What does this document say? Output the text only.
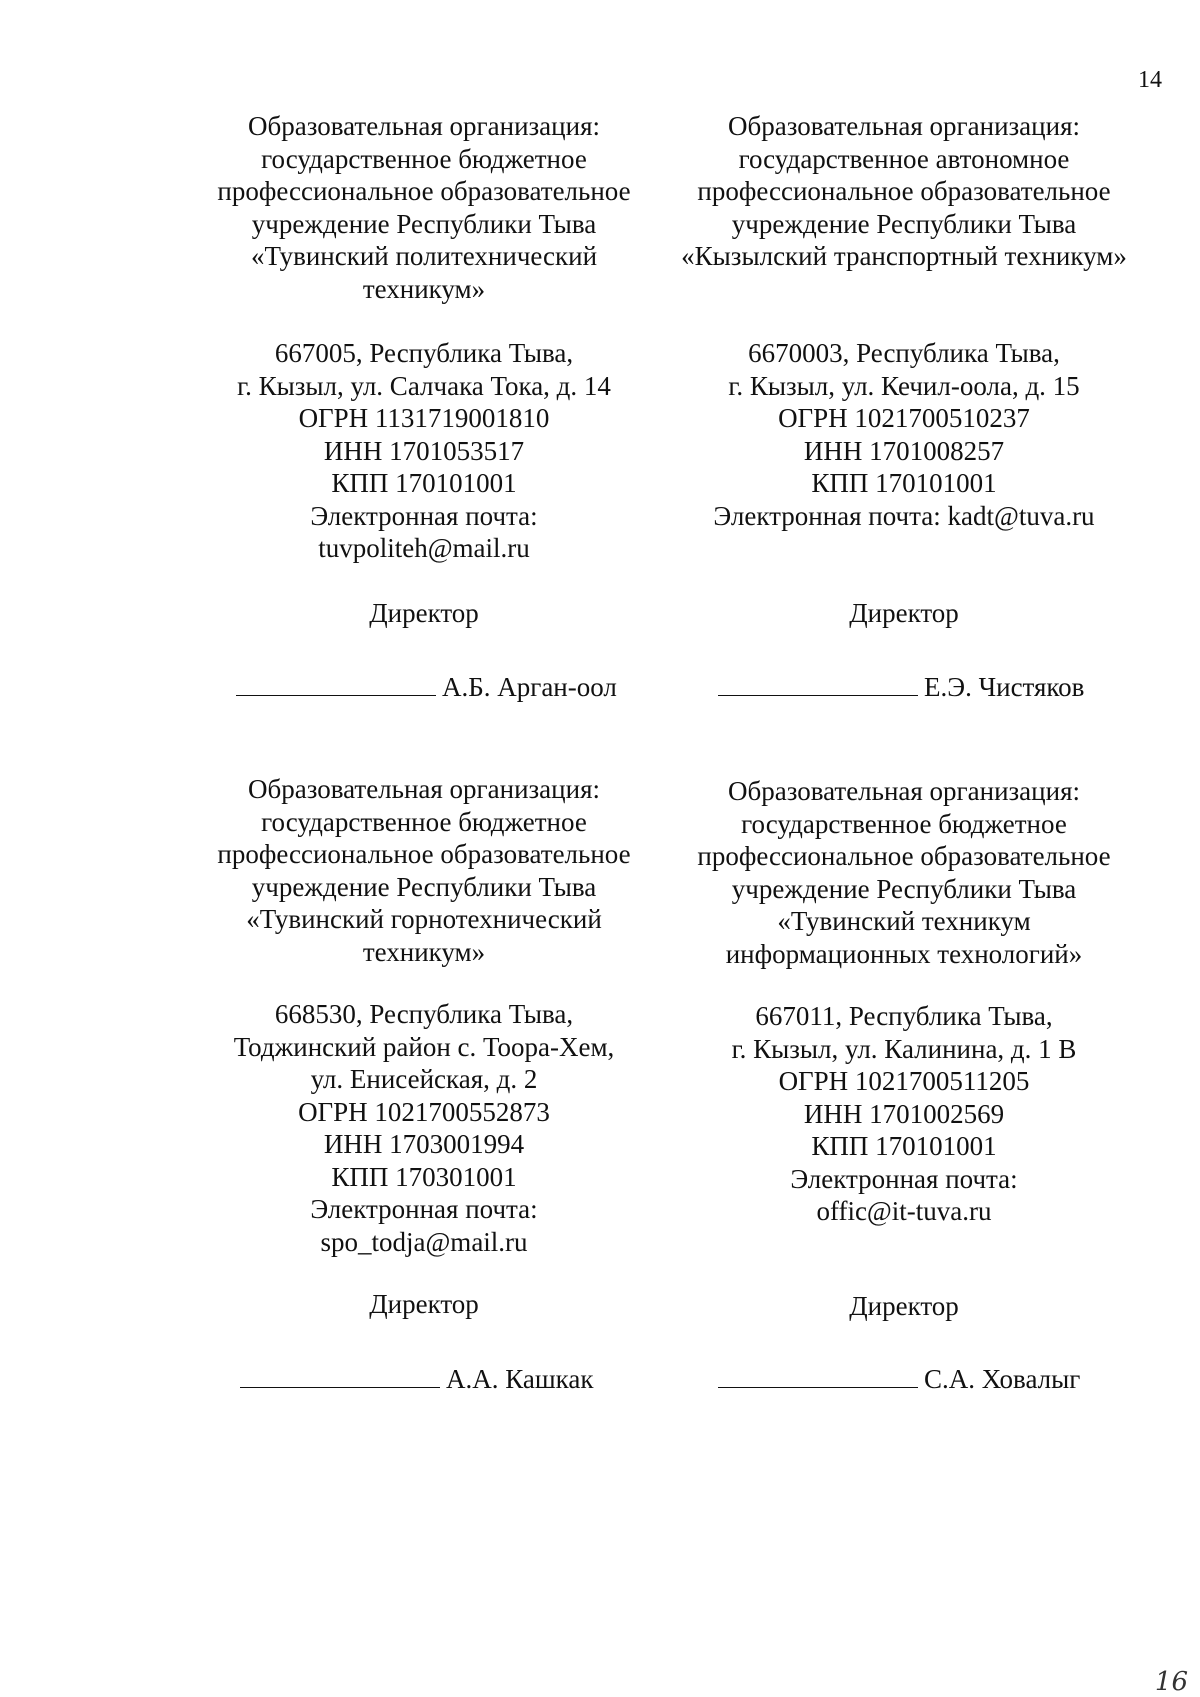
14
Образовательная организация:
государственное бюджетное
профессиональное образовательное
учреждение Республики Тыва
«Тувинский политехнический
техникум»
667005, Республика Тыва,
г. Кызыл, ул. Салчака Тока, д. 14
ОГРН 1131719001810
ИНН 1701053517
КПП 170101001
Электронная почта:
tuvpoliteh@mail.ru
Директор
А.Б. Арган-оол
Образовательная организация:
государственное автономное
профессиональное образовательное
учреждение Республики Тыва
«Кызылский транспортный техникум»

6670003, Республика Тыва,
г. Кызыл, ул. Кечил-оола, д. 15
ОГРН 1021700510237
ИНН 1701008257
КПП 170101001
Электронная почта: kadt@tuva.ru

Директор
Е.Э. Чистяков
Образовательная организация:
государственное бюджетное
профессиональное образовательное
учреждение Республики Тыва
«Тувинский горнотехнический
техникум»
668530, Республика Тыва,
Тоджинский район с. Тоора-Хем,
ул. Енисейская, д. 2
ОГРН 1021700552873
ИНН 1703001994
КПП 170301001
Электронная почта:
spo_todja@mail.ru
Директор
А.А. Кашкак
Образовательная организация:
государственное бюджетное
профессиональное образовательное
учреждение Республики Тыва
«Тувинский техникум
информационных технологий»
667011, Республика Тыва,
г. Кызыл, ул. Калинина, д. 1 В
ОГРН 1021700511205
ИНН 1701002569
КПП 170101001
Электронная почта:
offic@it-tuva.ru

Директор
С.А. Ховалыг
16
